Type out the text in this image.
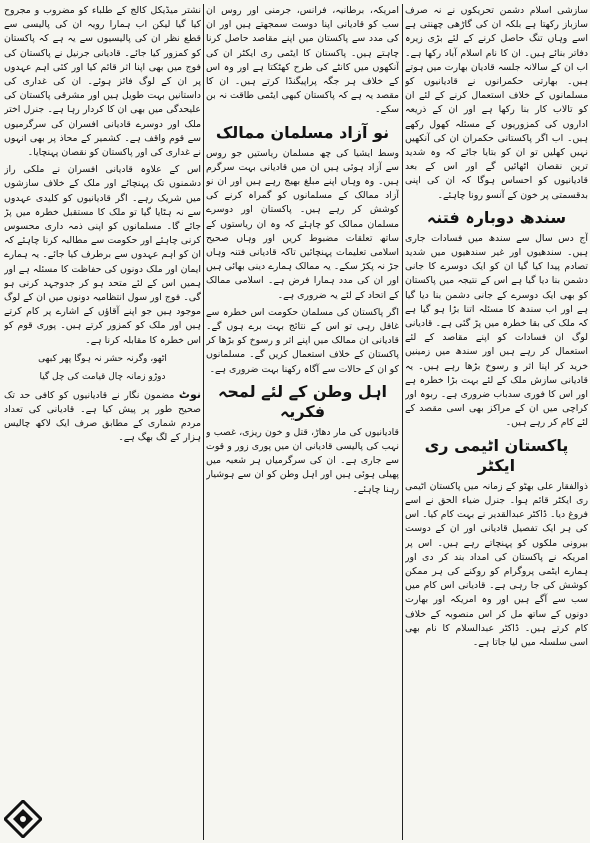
سازشی اسلام دشمن تحریکوں نے نہ صرف سازباز رکھتا ہے بلکہ ان کی گاڑھی چھنتی ہے اسے وہاں تنگ حاصل کرنے کے لئے بڑی زیرہ دفاتر بنائے ہیں۔ ان کا نام اسلام آباد رکھا ہے۔ اب ان کے سالانہ جلسہ قادیان بھارت میں ہوتے ہیں۔ بھارتی حکمرانوں نے قادیانیوں کو مسلمانوں کے خلاف استعمال کرنے کے لئے ان کو تالاب کار بنا رکھا ہے اور ان کے ذریعہ اداروں کی کمزوریوں کے مسئلہ کھول رکھے ہیں۔ اب اگر پاکستانی حکمران ان کی آنکھیں نہیں کھلیں تو ان کو بتایا جائے کہ وہ شدید ترین نقصان اٹھائیں گے اور اس کے بعد قادیانیوں کو احساس ہوگا کہ ان کی اپنی بدقسمتی پر خون کے آنسو رونا چاہئے۔

سندھ دوبارہ فتنہ

آج دس سال سے سندھ میں فسادات جاری ہیں۔ سندھیوں اور غیر سندھیوں میں شدید تصادم پیدا کیا گیا ان کو ایک دوسرے کا جانی دشمن بنا دیا گیا ہے اس کے نتیجہ میں پاکستان کو بھی ایک دوسرے کے جانی دشمن بنا دیا گیا ہے اور اب سندھ کا مسئلہ اتنا بڑا ہو گیا ہے کہ ملک کی بقا خطرہ میں پڑ گئی ہے۔ قادیانی لوگ ان فسادات کو اپنے مقاصد کے لئے استعمال کر رہے ہیں اور سندھ میں زمینیں خرید کر اپنا اثر و رسوخ بڑھا رہے ہیں۔ یہ قادیانی سازش ملک کے لئے بہت بڑا خطرہ ہے اور اس کا فوری سدباب ضروری ہے۔ ربوہ اور کراچی میں ان کے مراکز بھی اسی مقصد کے لئے کام کر رہے ہیں۔

پاکستان اٹیمی ری ایکٹر

ذوالفقار علی بھٹو کے زمانہ میں پاکستان اٹیمی ری ایکٹر قائم ہوا۔ جنرل ضیاء الحق نے اسے فروغ دیا۔ ڈاکٹر عبدالقدیر نے بہت کام کیا۔ اس کی ہر ایک تفصیل قادیانی اور ان کے دوست بیرونی ملکوں کو پہنچاتے رہے ہیں۔ اس پر امریکہ نے پاکستان کی امداد بند کر دی اور ہمارے ایٹمی پروگرام کو روکنے کی ہر ممکن کوشش کی جا رہی ہے۔ قادیانی اس کام میں سب سے آگے ہیں اور وہ امریکہ اور بھارت دونوں کے ساتھ مل کر اس منصوبہ کے خلاف کام کرتے ہیں۔ ڈاکٹر عبدالسلام کا نام بھی اسی سلسلہ میں لیا جاتا ہے۔

امریکہ، برطانیہ، فرانس، جرمنی اور روس ان سب کو قادیانی اپنا دوست سمجھتے ہیں اور ان کی مدد سے پاکستان میں اپنے مقاصد حاصل کرنا چاہتے ہیں۔ پاکستان کا ایٹمی ری ایکٹر ان کی آنکھوں میں کانٹے کی طرح کھٹکتا ہے اور وہ اس کے خلاف ہر جگہ پراپیگنڈا کرتے ہیں۔ ان کا مقصد یہ ہے کہ پاکستان کبھی ایٹمی طاقت نہ بن سکے۔

نو آزاد مسلمان ممالک

وسط ایشیا کی چھ مسلمان ریاستیں جو روس سے آزاد ہوئی ہیں ان میں قادیانی بہت سرگرم ہیں۔ وہ وہاں اپنے مبلغ بھیج رہے ہیں اور ان نو آزاد ممالک کے مسلمانوں کو گمراہ کرنے کی کوشش کر رہے ہیں۔ پاکستان اور دوسرے مسلمان ممالک کو چاہئے کہ وہ ان ریاستوں کے ساتھ تعلقات مضبوط کریں اور وہاں صحیح اسلامی تعلیمات پہنچائیں تاکہ قادیانی فتنہ وہاں جڑ نہ پکڑ سکے۔ یہ ممالک ہمارے دینی بھائی ہیں اور ان کی مدد ہمارا فرض ہے۔ اسلامی ممالک کے اتحاد کے لئے یہ ضروری ہے۔

اگر پاکستان کی مسلمان حکومت اس خطرہ سے غافل رہی تو اس کے نتائج بہت برے ہوں گے۔ قادیانی ان ممالک میں اپنے اثر و رسوخ کو بڑھا کر پاکستان کے خلاف استعمال کریں گے۔ مسلمانوں کو ان کے حالات سے آگاہ رکھنا بہت ضروری ہے۔

اہل وطن کے لئے لمحہ فکریہ

قادیانیوں کی مار دھاڑ، قتل و خون ریزی، غصب و نہب کی پالیسی قادیانی ان میں پوری زور و قوت سے جاری ہے۔ ان کی سرگرمیاں ہر شعبہ میں پھیلی ہوئی ہیں اور اہل وطن کو ان سے ہوشیار رہنا چاہئے۔

نشتر میڈیکل کالج کے طلباء کو مضروب و مجروح کیا گیا لیکن اب ہمارا رویہ ان کی پالیسی سے قطع نظر ان کی پالیسیوں سے یہ ہے کہ پاکستان کو کمزور کیا جائے۔ قادیانی جرنیل نے پاکستان کی فوج میں بھی اپنا اثر قائم کیا اور کئی اہم عہدوں پر ان کے لوگ فائز ہوئے۔ ان کی غداری کی داستانیں بہت طویل ہیں اور مشرقی پاکستان کی علیحدگی میں بھی ان کا کردار رہا ہے۔ جنرل اختر ملک اور دوسرے قادیانی افسران کی سرگرمیوں سے قوم واقف ہے۔ کشمیر کے محاذ پر بھی انہوں نے غداری کی اور پاکستان کو نقصان پہنچایا۔

اس کے علاوہ قادیانی افسران نے ملکی راز دشمنوں تک پہنچائے اور ملک کے خلاف سازشوں میں شریک رہے۔ اگر قادیانیوں کو کلیدی عہدوں سے نہ ہٹایا گیا تو ملک کا مستقبل خطرہ میں پڑ جائے گا۔ مسلمانوں کو اپنی ذمہ داری محسوس کرنی چاہئے اور حکومت سے مطالبہ کرنا چاہئے کہ ان کو اہم عہدوں سے برطرف کیا جائے۔ یہ ہمارے ایمان اور ملک دونوں کی حفاظت کا مسئلہ ہے اور ہمیں اس کے لئے متحد ہو کر جدوجہد کرنی ہو گی۔ فوج اور سول انتظامیہ دونوں میں ان کے لوگ موجود ہیں جو اپنے آقاؤں کے اشارے پر کام کرتے ہیں اور ملک کو کمزور کرتے ہیں۔ پوری قوم کو اس خطرہ کا مقابلہ کرنا ہے۔

اٹھو، وگرنہ حشر نہ ہوگا پھر کبھی
دوڑو زمانہ چال قیامت کی چل گیا

نوٹ مضمون نگار نے قادیانیوں کو کافی حد تک صحیح طور پر پیش کیا ہے۔ قادیانی کی تعداد مردم شماری کے مطابق صرف ایک لاکھ چالیس ہزار کے لگ بھگ ہے۔
